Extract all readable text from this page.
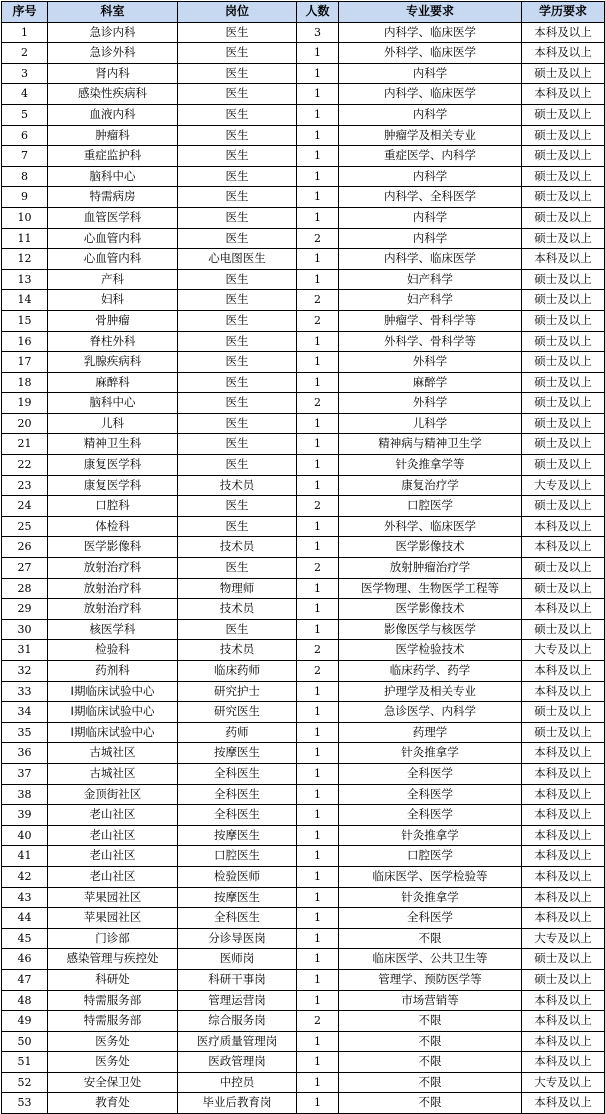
序号	科室	岗位	人数	专业要求	学历要求
1	急诊内科	医生	3	内科学、临床医学	本科及以上
2	急诊外科	医生	1	外科学、临床医学	本科及以上
3	肾内科	医生	1	内科学	硕士及以上
4	感染性疾病科	医生	1	内科学、临床医学	本科及以上
5	血液内科	医生	1	内科学	硕士及以上
6	肿瘤科	医生	1	肿瘤学及相关专业	硕士及以上
7	重症监护科	医生	1	重症医学、内科学	硕士及以上
8	脑科中心	医生	1	内科学	硕士及以上
9	特需病房	医生	1	内科学、全科医学	硕士及以上
10	血管医学科	医生	1	内科学	硕士及以上
11	心血管内科	医生	2	内科学	硕士及以上
12	心血管内科	心电图医生	1	内科学、临床医学	本科及以上
13	产科	医生	1	妇产科学	硕士及以上
14	妇科	医生	2	妇产科学	硕士及以上
15	骨肿瘤	医生	2	肿瘤学、骨科学等	硕士及以上
16	脊柱外科	医生	1	外科学、骨科学等	硕士及以上
17	乳腺疾病科	医生	1	外科学	硕士及以上
18	麻醉科	医生	1	麻醉学	硕士及以上
19	脑科中心	医生	2	外科学	硕士及以上
20	儿科	医生	1	儿科学	硕士及以上
21	精神卫生科	医生	1	精神病与精神卫生学	硕士及以上
22	康复医学科	医生	1	针灸推拿学等	硕士及以上
23	康复医学科	技术员	1	康复治疗学	大专及以上
24	口腔科	医生	2	口腔医学	硕士及以上
25	体检科	医生	1	外科学、临床医学	本科及以上
26	医学影像科	技术员	1	医学影像技术	本科及以上
27	放射治疗科	医生	2	放射肿瘤治疗学	硕士及以上
28	放射治疗科	物理师	1	医学物理、生物医学工程等	硕士及以上
29	放射治疗科	技术员	1	医学影像技术	本科及以上
30	核医学科	医生	1	影像医学与核医学	硕士及以上
31	检验科	技术员	2	医学检验技术	大专及以上
32	药剂科	临床药师	2	临床药学、药学	本科及以上
33	I期临床试验中心	研究护士	1	护理学及相关专业	本科及以上
34	I期临床试验中心	研究医生	1	急诊医学、内科学	硕士及以上
35	I期临床试验中心	药师	1	药理学	硕士及以上
36	古城社区	按摩医生	1	针灸推拿学	本科及以上
37	古城社区	全科医生	1	全科医学	本科及以上
38	金顶街社区	全科医生	1	全科医学	本科及以上
39	老山社区	全科医生	1	全科医学	本科及以上
40	老山社区	按摩医生	1	针灸推拿学	本科及以上
41	老山社区	口腔医生	1	口腔医学	本科及以上
42	老山社区	检验医师	1	临床医学、医学检验等	本科及以上
43	苹果园社区	按摩医生	1	针灸推拿学	本科及以上
44	苹果园社区	全科医生	1	全科医学	本科及以上
45	门诊部	分诊导医岗	1	不限	大专及以上
46	感染管理与疾控处	医师岗	1	临床医学、公共卫生等	硕士及以上
47	科研处	科研干事岗	1	管理学、预防医学等	硕士及以上
48	特需服务部	管理运营岗	1	市场营销等	本科及以上
49	特需服务部	综合服务岗	2	不限	本科及以上
50	医务处	医疗质量管理岗	1	不限	本科及以上
51	医务处	医政管理岗	1	不限	本科及以上
52	安全保卫处	中控员	1	不限	大专及以上
53	教育处	毕业后教育岗	1	不限	本科及以上
